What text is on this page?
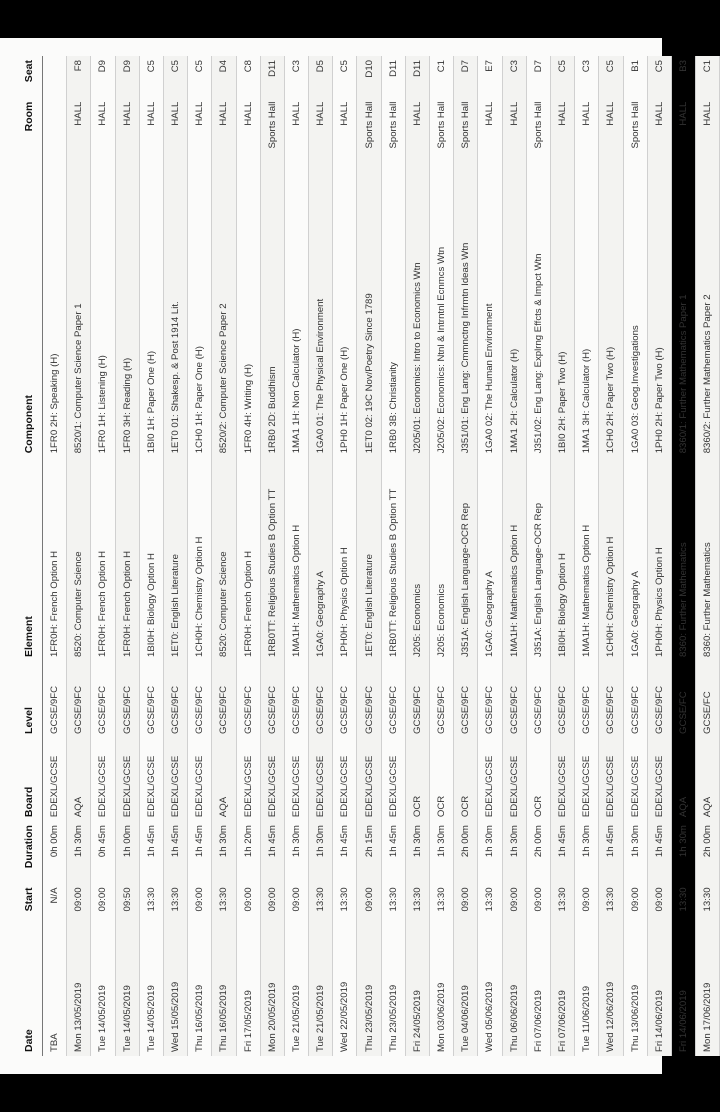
Date	Start	Duration	Board	Level	Element	Component	Room	Seat
TBA	N/A	0h 00m	EDEXL/GCSE	GCSE/9FC	1FR0H: French Option H	1FR0 2H: Speaking (H)		
Mon 13/05/2019	09:00	1h 30m	AQA	GCSE/9FC	8520: Computer Science	8520/1: Computer Science Paper 1	HALL	F8
Tue 14/05/2019	09:00	0h 45m	EDEXL/GCSE	GCSE/9FC	1FR0H: French Option H	1FR0 1H: Listening (H)	HALL	D9
Tue 14/05/2019	09:50	1h 00m	EDEXL/GCSE	GCSE/9FC	1FR0H: French Option H	1FR0 3H: Reading (H)	HALL	D9
Tue 14/05/2019	13:30	1h 45m	EDEXL/GCSE	GCSE/9FC	1BI0H: Biology Option H	1BI0 1H: Paper One (H)	HALL	C5
Wed 15/05/2019	13:30	1h 45m	EDEXL/GCSE	GCSE/9FC	1ET0: English Literature	1ET0 01: Shakesp. & Post 1914 Lit.	HALL	C5
Thu 16/05/2019	09:00	1h 45m	EDEXL/GCSE	GCSE/9FC	1CH0H: Chemistry Option H	1CH0 1H: Paper One (H)	HALL	C5
Thu 16/05/2019	13:30	1h 30m	AQA	GCSE/9FC	8520: Computer Science	8520/2: Computer Science Paper 2	HALL	D4
Fri 17/05/2019	09:00	1h 20m	EDEXL/GCSE	GCSE/9FC	1FR0H: French Option H	1FR0 4H: Writing (H)	HALL	C8
Mon 20/05/2019	09:00	1h 45m	EDEXL/GCSE	GCSE/9FC	1RB0TT: Religious Studies B Option TT	1RB0 2D: Buddhism	Sports Hall	D11
Tue 21/05/2019	09:00	1h 30m	EDEXL/GCSE	GCSE/9FC	1MA1H: Mathematics Option H	1MA1 1H: Non Calculator (H)	HALL	C3
Tue 21/05/2019	13:30	1h 30m	EDEXL/GCSE	GCSE/9FC	1GA0: Geography A	1GA0 01: The Physical Environment	HALL	D5
Wed 22/05/2019	13:30	1h 45m	EDEXL/GCSE	GCSE/9FC	1PH0H: Physics Option H	1PH0 1H: Paper One (H)	HALL	C5
Thu 23/05/2019	09:00	2h 15m	EDEXL/GCSE	GCSE/9FC	1ET0: English Literature	1ET0 02: 19C Nov/Poetry Since 1789	Sports Hall	D10
Thu 23/05/2019	13:30	1h 45m	EDEXL/GCSE	GCSE/9FC	1RB0TT: Religious Studies B Option TT	1RB0 3B: Christianity	Sports Hall	D11
Fri 24/05/2019	13:30	1h 30m	OCR	GCSE/9FC	J205: Economics	J205/01: Economics: Intro to Economics Wtn	HALL	D11
Mon 03/06/2019	13:30	1h 30m	OCR	GCSE/9FC	J205: Economics	J205/02: Economics: Ntnl & Intrntnl Ecnmcs Wtn	Sports Hall	C1
Tue 04/06/2019	09:00	2h 00m	OCR	GCSE/9FC	J351A: English Language-OCR Rep	J351/01: Eng Lang: Cmmnctng Infrmtn Ideas Wtn	Sports Hall	D7
Wed 05/06/2019	13:30	1h 30m	EDEXL/GCSE	GCSE/9FC	1GA0: Geography A	1GA0 02: The Human Environment	HALL	E7
Thu 06/06/2019	09:00	1h 30m	EDEXL/GCSE	GCSE/9FC	1MA1H: Mathematics Option H	1MA1 2H: Calculator (H)	HALL	C3
Fri 07/06/2019	09:00	2h 00m	OCR	GCSE/9FC	J351A: English Language-OCR Rep	J351/02: Eng Lang: Explrng Effcts & Impct Wtn	Sports Hall	D7
Fri 07/06/2019	13:30	1h 45m	EDEXL/GCSE	GCSE/9FC	1BI0H: Biology Option H	1BI0 2H: Paper Two (H)	HALL	C5
Tue 11/06/2019	09:00	1h 30m	EDEXL/GCSE	GCSE/9FC	1MA1H: Mathematics Option H	1MA1 3H: Calculator (H)	HALL	C3
Wed 12/06/2019	13:30	1h 45m	EDEXL/GCSE	GCSE/9FC	1CH0H: Chemistry Option H	1CH0 2H: Paper Two (H)	HALL	C5
Thu 13/06/2019	09:00	1h 30m	EDEXL/GCSE	GCSE/9FC	1GA0: Geography A	1GA0 03: Geog.Investigations	Sports Hall	B1
Fri 14/06/2019	09:00	1h 45m	EDEXL/GCSE	GCSE/9FC	1PH0H: Physics Option H	1PH0 2H: Paper Two (H)	HALL	C5
Fri 14/06/2019	13:30	1h 30m	AQA	GCSE/FC	8360: Further Mathematics	8360/1: Further Mathematics Paper 1	HALL	B3
Mon 17/06/2019	13:30	2h 00m	AQA	GCSE/FC	8360: Further Mathematics	8360/2: Further Mathematics Paper 2	HALL	C1
